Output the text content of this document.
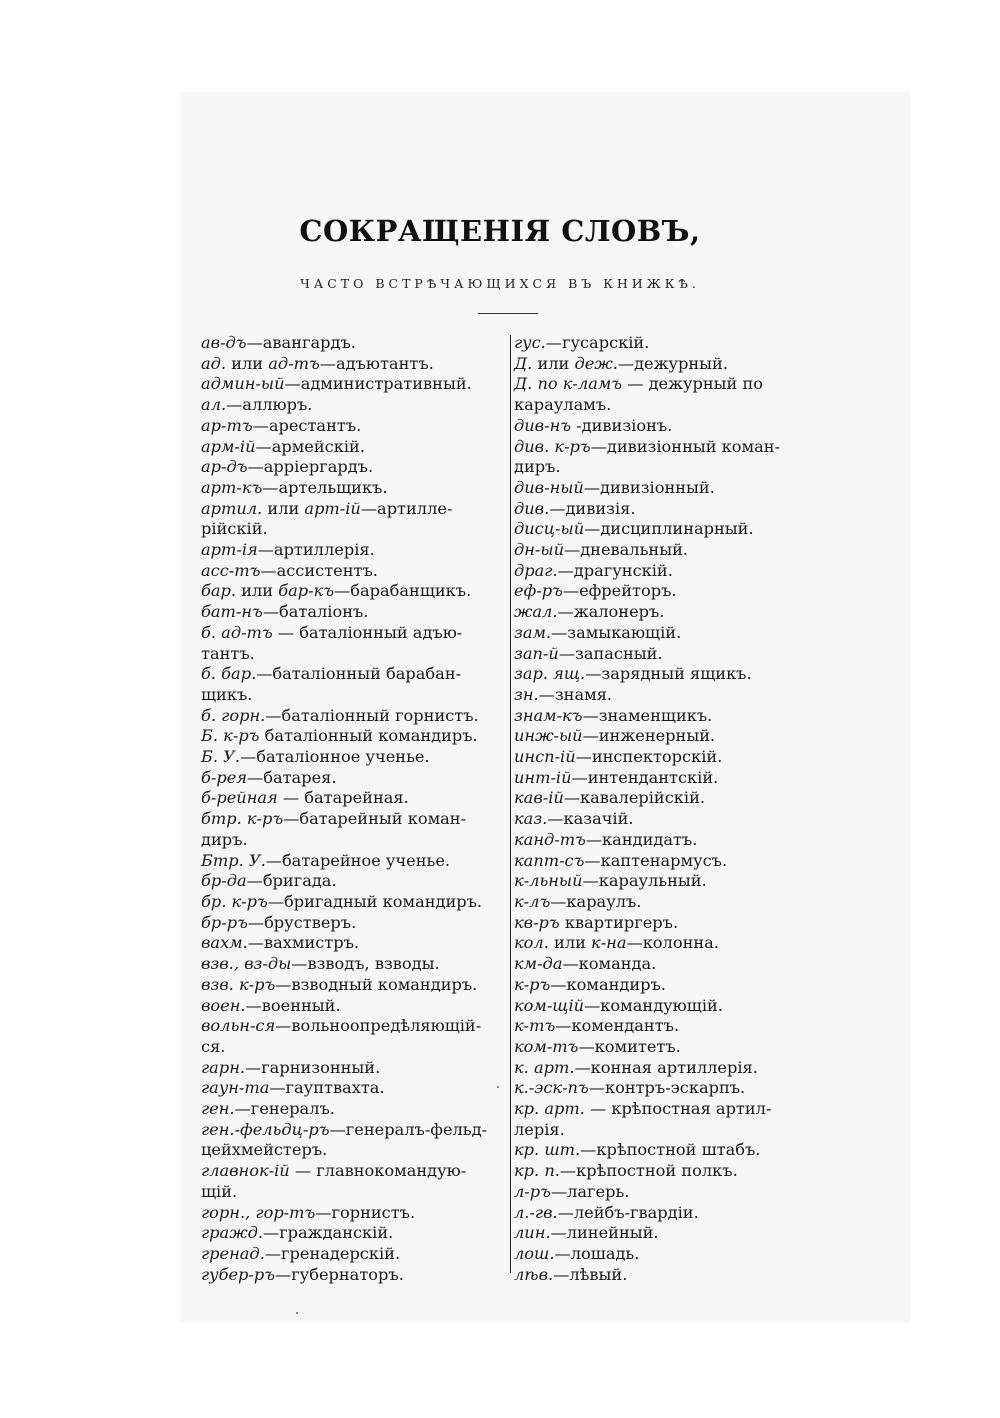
СОКРАЩЕНІЯ СЛОВЪ,
ЧАСТО ВСТРѢЧАЮЩИХСЯ ВЪ КНИЖКѢ.
ав-дъ—авангардъ.
ад. или ад-тъ—адъютантъ.
админ-ый—административный.
ал.—аллюръ.
ар-тъ—арестантъ.
арм-ій—армейскій.
ар-дъ—арріергардъ.
арт-къ—артельщикъ.
артил. или арт-ій—артилле-
рійскій.
арт-ія—артиллерія.
асс-тъ—ассистентъ.
бар. или бар-къ—барабанщикъ.
бат-нъ—баталіонъ.
б. ад-тъ — баталіонный адъю-
тантъ.
б. бар.—баталіонный барабан-
щикъ.
б. горн.—баталіонный горнистъ.
Б. к-ръ баталіонный командиръ.
Б. У.—баталіонное ученье.
б-рея—батарея.
б-рейная — батарейная.
бтр. к-ръ—батарейный коман-
диръ.
Бтр. У.—батарейное ученье.
бр-да—бригада.
бр. к-ръ—бригадный командиръ.
бр-ръ—брустверъ.
вахм.—вахмистръ.
взв., вз-ды—взводъ, взводы.
взв. к-ръ—взводный командиръ.
воен.—военный.
вольн-ся—вольноопредѣляющій-
ся.
гарн.—гарнизонный.
гаун-та—гауптвахта.
ген.—генералъ.
ген.-фельдц-ръ—генералъ-фельд-
цейхмейстеръ.
главнок-ій — главнокомандую-
щій.
горн., гор-тъ—горнистъ.
гражд.—гражданскій.
гренад.—гренадерскій.
губер-ръ—губернаторъ.
гус.—гусарскій.
Д. или деж.—дежурный.
Д. по к-ламъ — дежурный по
карауламъ.
див-нъ -дивизіонъ.
див. к-ръ—дивизіонный коман-
диръ.
див-ный—дивизіонный.
див.—дивизія.
дисц-ый—дисциплинарный.
дн-ый—дневальный.
драг.—драгунскій.
еф-ръ—ефрейторъ.
жал.—жалонеръ.
зам.—замыкающій.
зап-й—запасный.
зар. ящ.—зарядный ящикъ.
зн.—знамя.
знам-къ—знаменщикъ.
инж-ый—инженерный.
инсп-ій—инспекторскій.
инт-ій—интендантскій.
кав-ій—кавалерійскій.
каз.—казачій.
канд-тъ—кандидатъ.
капт-съ—каптенармусъ.
к-льный—караульный.
к-лъ—караулъ.
кв-ръ квартиргеръ.
кол. или к-на—колонна.
км-да—команда.
к-ръ—командиръ.
ком-щій—командующій.
к-тъ—комендантъ.
ком-тъ—комитетъ.
к. арт.—конная артиллерія.
к.-эск-пъ—контръ-эскарпъ.
кр. арт. — крѣпостная артил-
лерія.
кр. шт.—крѣпостной штабъ.
кр. п.—крѣпостной полкъ.
л-ръ—лагерь.
л.-гв.—лейбъ-гвардіи.
лин.—линейный.
лош.—лошадь.
лѣв.—лѣвый.
